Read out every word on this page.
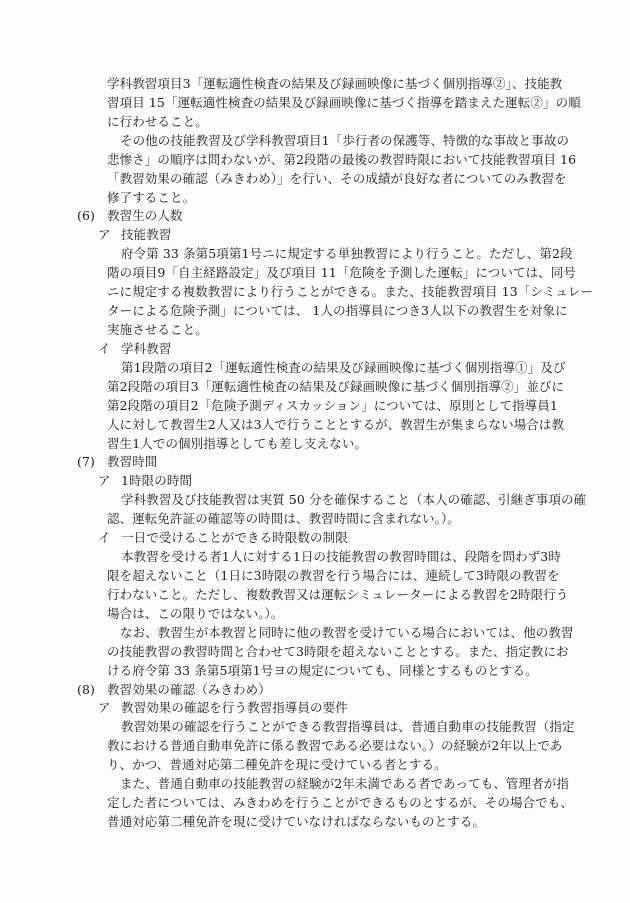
学科教習項目3「運転適性検査の結果及び録画映像に基づく個別指導②」、技能教
習項目 15「運転適性検査の結果及び録画映像に基づく指導を踏まえた運転②」の順
に行わせること。
その他の技能教習及び学科教習項目1「歩行者の保護等、特徴的な事故と事故の
悲惨さ」の順序は問わないが、第2段階の最後の教習時限において技能教習項目 16
「教習効果の確認（みきわめ）」を行い、その成績が良好な者についてのみ教習を
修了すること。
(6) 教習生の人数
ア 技能教習
府令第 33 条第5項第1号ニに規定する単独教習により行うこと。ただし、第2段
階の項目9「自主経路設定」及び項目 11「危険を予測した運転」については、同号
ニに規定する複数教習により行うことができる。また、技能教習項目 13「シミュレー
ターによる危険予測」については、 1人の指導員につき3人以下の教習生を対象に
実施させること。
イ 学科教習
第1段階の項目2「運転適性検査の結果及び録画映像に基づく個別指導①」及び
第2段階の項目3「運転適性検査の結果及び録画映像に基づく個別指導②」並びに
第2段階の項目2「危険予測ディスカッション」については、原則として指導員1
人に対して教習生2人又は3人で行うこととするが、教習生が集まらない場合は教
習生1人での個別指導としても差し支えない。
(7) 教習時間
ア 1時限の時間
学科教習及び技能教習は実質 50 分を確保すること（本人の確認、引継ぎ事項の確
認、運転免許証の確認等の時間は、教習時間に含まれない。）。
イ 一日で受けることができる時限数の制限
本教習を受ける者1人に対する1日の技能教習の教習時間は、段階を問わず3時
限を超えないこと（1日に3時限の教習を行う場合には、連続して3時限の教習を
行わないこと。ただし、複数教習又は運転シミュレーターによる教習を2時限行う
場合は、この限りではない。）。
なお、教習生が本教習と同時に他の教習を受けている場合においては、他の教習
の技能教習の教習時間と合わせて3時限を超えないこととする。また、指定教にお
ける府令第 33 条第5項第1号ヨの規定についても、同様とするものとする。
(8) 教習効果の確認（みきわめ）
ア 教習効果の確認を行う教習指導員の要件
教習効果の確認を行うことができる教習指導員は、普通自動車の技能教習（指定
教における普通自動車免許に係る教習である必要はない。）の経験が2年以上であ
り、かつ、普通対応第二種免許を現に受けている者とする。
また、普通自動車の技能教習の経験が2年未満である者であっても、管理者が指
定した者については、みきわめを行うことができるものとするが、その場合でも、
普通対応第二種免許を現に受けていなければならないものとする。
